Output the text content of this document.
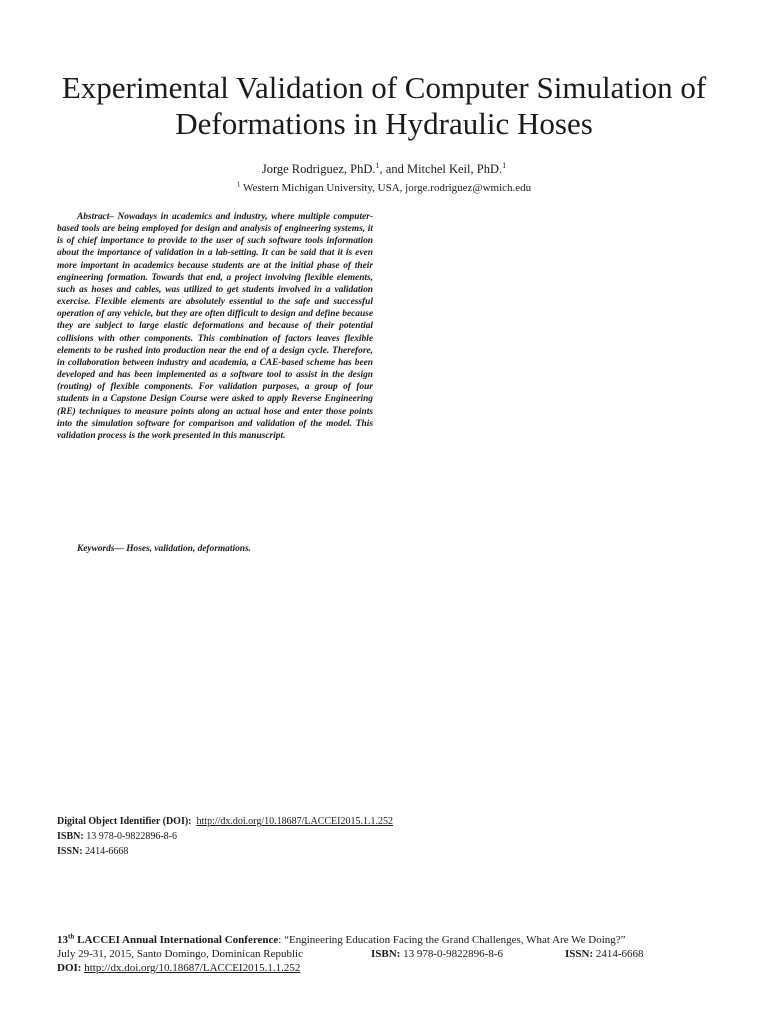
Experimental Validation of Computer Simulation of
Deformations in Hydraulic Hoses
Jorge Rodriguez, PhD.$^1$, and Mitchel Keil, PhD.$^1$
$^1$ Western Michigan University, USA, jorge.rodriguez@wmich.edu

Abstract– Nowadays in academics and industry, where multiple computer-based tools are being employed for design and analysis of engineering systems, it is of chief importance to provide to the user of such software tools information about the importance of validation in a lab-setting. It can be said that it is even more important in academics because students are at the initial phase of their engineering formation. Towards that end, a project involving flexible elements, such as hoses and cables, was utilized to get students involved in a validation exercise. Flexible elements are absolutely essential to the safe and successful operation of any vehicle, but they are often difficult to design and define because they are subject to large elastic deformations and because of their potential collisions with other components. This combination of factors leaves flexible elements to be rushed into production near the end of a design cycle. Therefore, in collaboration between industry and academia, a CAE-based scheme has been developed and has been implemented as a software tool to assist in the design (routing) of flexible components. For validation purposes, a group of four students in a Capstone Design Course were asked to apply Reverse Engineering (RE) techniques to measure points along an actual hose and enter those points into the simulation software for comparison and validation of the model. This validation process is the work presented in this manuscript.

Keywords— Hoses, validation, deformations.

Digital Object Identifier (DOI): http://dx.doi.org/10.18687/LACCEI2015.1.1.252
ISBN: 13 978-0-9822896-8-6
ISSN: 2414-6668
13th LACCEI Annual International Conference: “Engineering Education Facing the Grand Challenges, What Are We Doing?”
July 29-31, 2015, Santo Domingo, Dominican Republic	ISBN: 13 978-0-9822896-8-6	ISSN: 2414-6668
DOI: http://dx.doi.org/10.18687/LACCEI2015.1.1.252
